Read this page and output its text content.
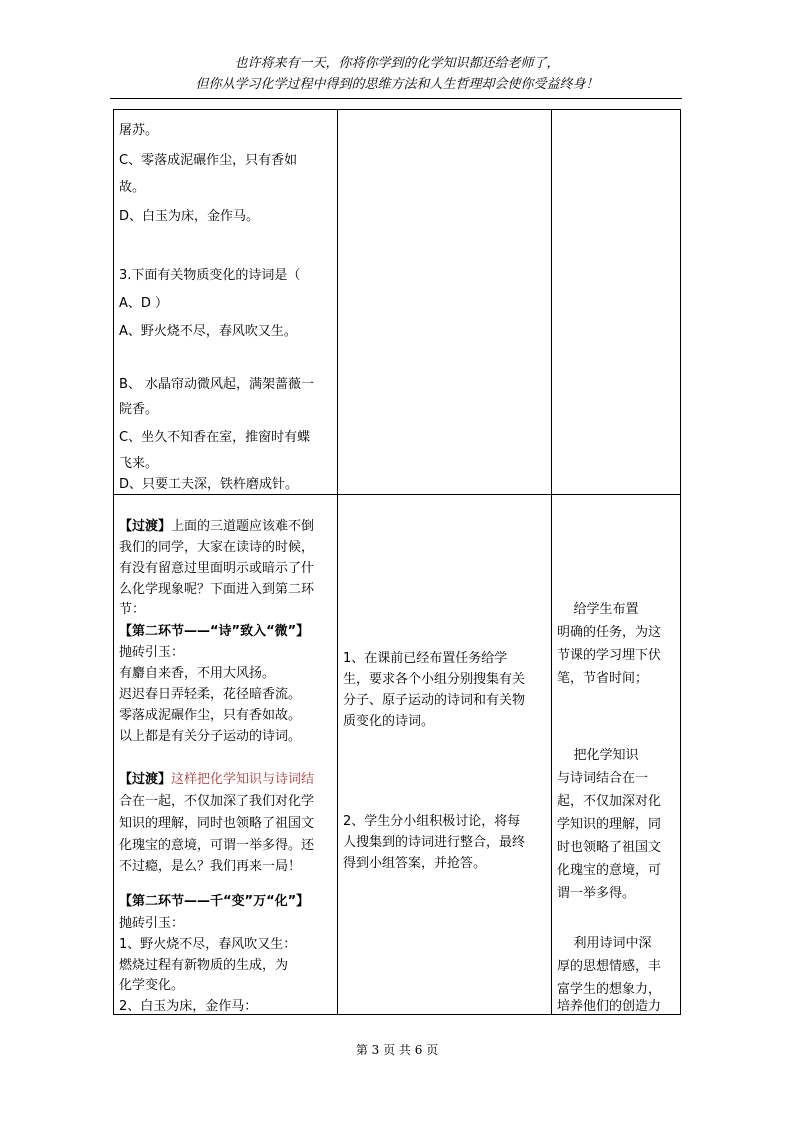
也许将来有一天，你将你学到的化学知识都还给老师了，
但你从学习化学过程中得到的思维方法和人生哲理却会使你受益终身！
屠苏。
C、零落成泥碾作尘，只有香如
故。
D、白玉为床，金作马。
3.下面有关物质变化的诗词是（
A、D ）
A、野火烧不尽，春风吹又生。
B、 水晶帘动微风起，满架蔷薇一
院香。
C、坐久不知香在室，推窗时有蝶
飞来。
D、只要工夫深，铁杵磨成针。
【过渡】上面的三道题应该难不倒
我们的同学，大家在读诗的时候，
有没有留意过里面明示或暗示了什
么化学现象呢？下面进入到第二环
节：
【第二环节——“诗”致入“微”】
抛砖引玉：
有麝自来香，不用大风扬。
迟迟春日弄轻柔，花径暗香流。
零落成泥碾作尘，只有香如故。
以上都是有关分子运动的诗词。
【过渡】这样把化学知识与诗词结
合在一起，不仅加深了我们对化学
知识的理解，同时也领略了祖国文
化瑰宝的意境，可谓一举多得。还
不过瘾，是么？我们再来一局！
【第二环节——千“变”万“化”】
抛砖引玉：
1、野火烧不尽，春风吹又生：
燃烧过程有新物质的生成，为
化学变化。
2、白玉为床，金作马：
1、在课前已经布置任务给学
生，要求各个小组分别搜集有关
分子、原子运动的诗词和有关物
质变化的诗词。
2、学生分小组积极讨论，将每
人搜集到的诗词进行整合，最终
得到小组答案，并抢答。
给学生布置
明确的任务，为这
节课的学习埋下伏
笔，节省时间；
把化学知识
与诗词结合在一
起，不仅加深对化
学知识的理解，同
时也领略了祖国文
化瑰宝的意境，可
谓一举多得。
利用诗词中深
厚的思想情感，丰
富学生的想象力，
培养他们的创造力
第 3 页 共 6 页
